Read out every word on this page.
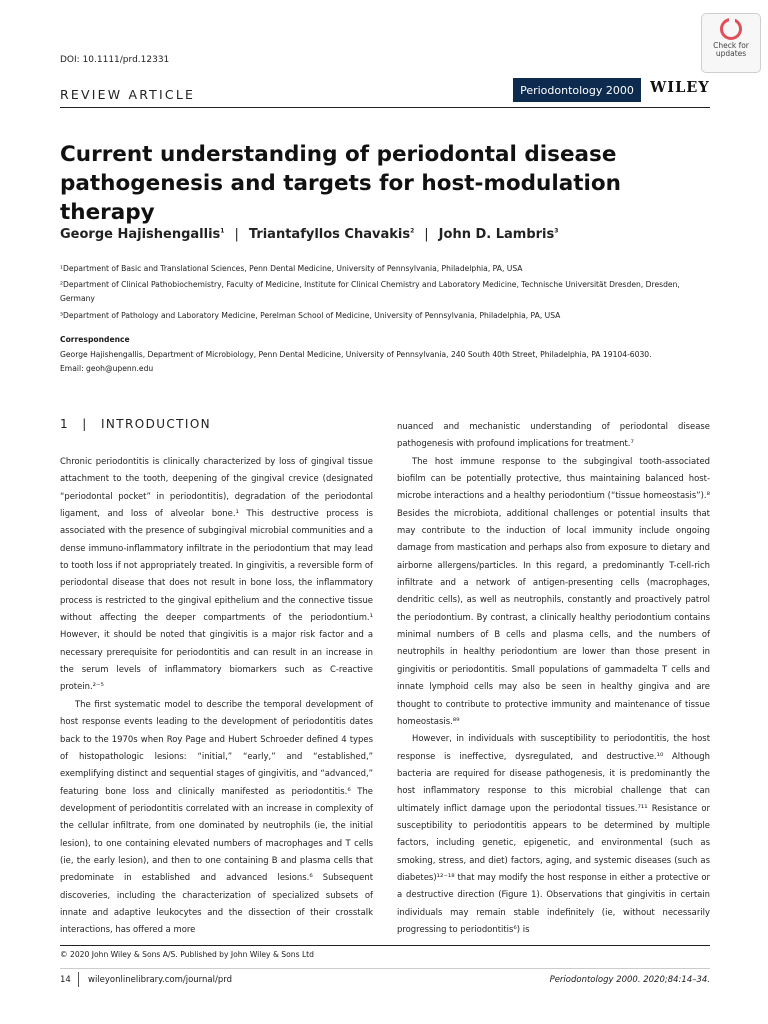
DOI: 10.1111/prd.12331
Check for updates
REVIEW ARTICLE	Periodontology 2000	WILEY
Current understanding of periodontal disease pathogenesis and targets for host-modulation therapy
George Hajishengallis$^1$ | Triantafyllos Chavakis$^2$ | John D. Lambris$^3$
¹Department of Basic and Translational Sciences, Penn Dental Medicine, University of Pennsylvania, Philadelphia, PA, USA
²Department of Clinical Pathobiochemistry, Faculty of Medicine, Institute for Clinical Chemistry and Laboratory Medicine, Technische Universität Dresden, Dresden, Germany
³Department of Pathology and Laboratory Medicine, Perelman School of Medicine, University of Pennsylvania, Philadelphia, PA, USA
Correspondence
George Hajishengallis, Department of Microbiology, Penn Dental Medicine, University of Pennsylvania, 240 South 40th Street, Philadelphia, PA 19104-6030.
Email: geoh@upenn.edu
1 | INTRODUCTION

Chronic periodontitis is clinically characterized by loss of gingival tissue attachment to the tooth, deepening of the gingival crevice (designated “periodontal pocket” in periodontitis), degradation of the periodontal ligament, and loss of alveolar bone.¹ This destructive process is associated with the presence of subgingival microbial communities and a dense immuno-inflammatory infiltrate in the periodontium that may lead to tooth loss if not appropriately treated. In gingivitis, a reversible form of periodontal disease that does not result in bone loss, the inflammatory process is restricted to the gingival epithelium and the connective tissue without affecting the deeper compartments of the periodontium.¹ However, it should be noted that gingivitis is a major risk factor and a necessary prerequisite for periodontitis and can result in an increase in the serum levels of inflammatory biomarkers such as C-reactive protein.²⁻⁵

The first systematic model to describe the temporal development of host response events leading to the development of periodontitis dates back to the 1970s when Roy Page and Hubert Schroeder defined 4 types of histopathologic lesions: “initial,” “early,” and “established,” exemplifying distinct and sequential stages of gingivitis, and “advanced,” featuring bone loss and clinically manifested as periodontitis.⁶ The development of periodontitis correlated with an increase in complexity of the cellular infiltrate, from one dominated by neutrophils (ie, the initial lesion), to one containing elevated numbers of macrophages and T cells (ie, the early lesion), and then to one containing B and plasma cells that predominate in established and advanced lesions.⁶ Subsequent discoveries, including the characterization of specialized subsets of innate and adaptive leukocytes and the dissection of their crosstalk interactions, has offered a more

nuanced and mechanistic understanding of periodontal disease pathogenesis with profound implications for treatment.⁷

The host immune response to the subgingival tooth-associated biofilm can be potentially protective, thus maintaining balanced host-microbe interactions and a healthy periodontium (“tissue homeostasis”).⁸ Besides the microbiota, additional challenges or potential insults that may contribute to the induction of local immunity include ongoing damage from mastication and perhaps also from exposure to dietary and airborne allergens/particles. In this regard, a predominantly T-cell-rich infiltrate and a network of antigen-presenting cells (macrophages, dendritic cells), as well as neutrophils, constantly and proactively patrol the periodontium. By contrast, a clinically healthy periodontium contains minimal numbers of B cells and plasma cells, and the numbers of neutrophils in healthy periodontium are lower than those present in gingivitis or periodontitis. Small populations of gammadelta T cells and innate lymphoid cells may also be seen in healthy gingiva and are thought to contribute to protective immunity and maintenance of tissue homeostasis.⁸⁹

However, in individuals with susceptibility to periodontitis, the host response is ineffective, dysregulated, and destructive.¹⁰ Although bacteria are required for disease pathogenesis, it is predominantly the host inflammatory response to this microbial challenge that can ultimately inflict damage upon the periodontal tissues.⁷¹¹ Resistance or susceptibility to periodontitis appears to be determined by multiple factors, including genetic, epigenetic, and environmental (such as smoking, stress, and diet) factors, aging, and systemic diseases (such as diabetes)¹²⁻¹⁸ that may modify the host response in either a protective or a destructive direction (Figure 1). Observations that gingivitis in certain individuals may remain stable indefinitely (ie, without necessarily progressing to periodontitis⁶) is

© 2020 John Wiley & Sons A/S. Published by John Wiley & Sons Ltd
14 wileyonlinelibrary.com/journal/prd	Periodontology 2000. 2020;84:14–34.
